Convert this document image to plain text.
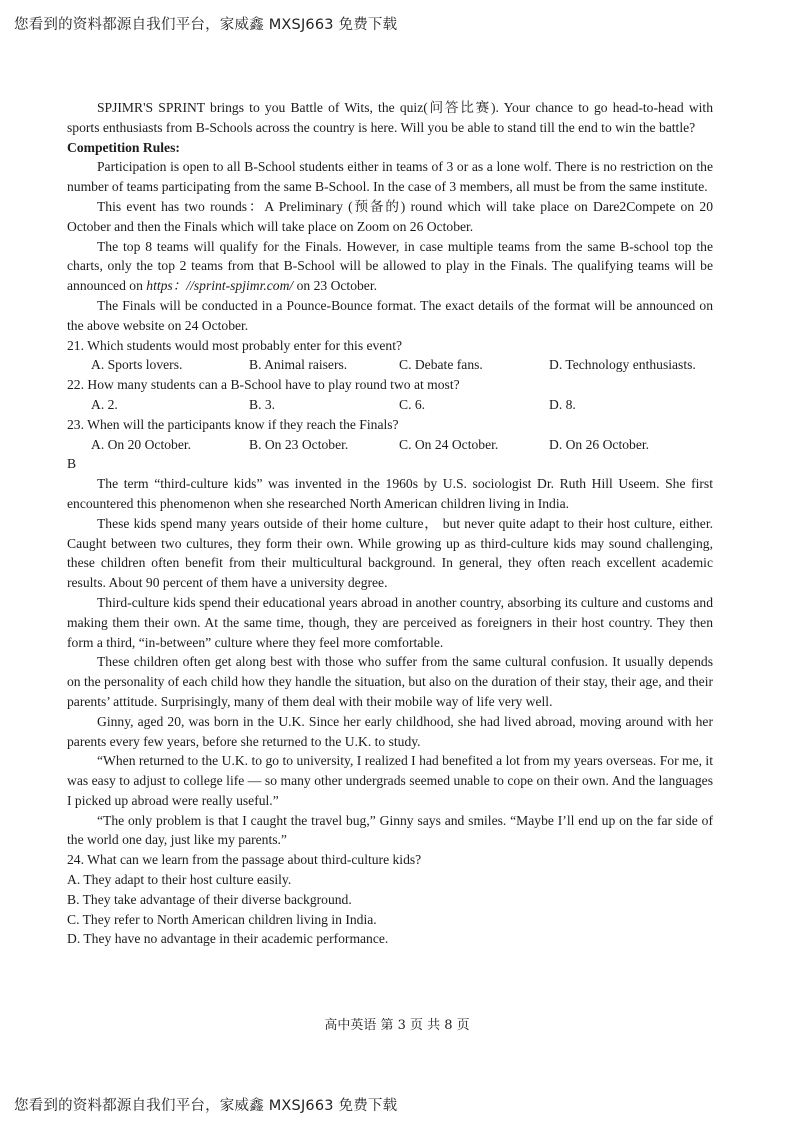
您看到的资料都源自我们平台，家威鑫 MXSJ663 免费下载

SPJIMR'S SPRINT brings to you Battle of Wits, the quiz(问答比赛). Your chance to go head-to-head with sports enthusiasts from B-Schools across the country is here. Will you be able to stand till the end to win the battle?

Competition Rules:

Participation is open to all B-School students either in teams of 3 or as a lone wolf. There is no restriction on the number of teams participating from the same B-School. In the case of 3 members, all must be from the same institute.

This event has two rounds：A Preliminary (预备的) round which will take place on Dare2Compete on 20 October and then the Finals which will take place on Zoom on 26 October.

The top 8 teams will qualify for the Finals. However, in case multiple teams from the same B-school top the charts, only the top 2 teams from that B-School will be allowed to play in the Finals. The qualifying teams will be announced on https：//sprint-spjimr.com/ on 23 October.

The Finals will be conducted in a Pounce-Bounce format. The exact details of the format will be announced on the above website on 24 October.

21. Which students would most probably enter for this event?

A. Sports lovers.	B. Animal raisers.	C. Debate fans.	D. Technology enthusiasts.

22. How many students can a B-School have to play round two at most?

A. 2.	B. 3.	C. 6.	D. 8.

23. When will the participants know if they reach the Finals?

A. On 20 October.	B. On 23 October.	C. On 24 October.	D. On 26 October.

B

The term “third-culture kids” was invented in the 1960s by U.S. sociologist Dr. Ruth Hill Useem. She first encountered this phenomenon when she researched North American children living in India.

These kids spend many years outside of their home culture， but never quite adapt to their host culture, either. Caught between two cultures, they form their own. While growing up as third-culture kids may sound challenging, these children often benefit from their multicultural background. In general, they often reach excellent academic results. About 90 percent of them have a university degree.

Third-culture kids spend their educational years abroad in another country, absorbing its culture and customs and making them their own. At the same time, though, they are perceived as foreigners in their host country. They then form a third, “in-between” culture where they feel more comfortable.

These children often get along best with those who suffer from the same cultural confusion. It usually depends on the personality of each child how they handle the situation, but also on the duration of their stay, their age, and their parents’ attitude. Surprisingly, many of them deal with their mobile way of life very well.

Ginny, aged 20, was born in the U.K. Since her early childhood, she had lived abroad, moving around with her parents every few years, before she returned to the U.K. to study.

“When returned to the U.K. to go to university, I realized I had benefited a lot from my years overseas. For me, it was easy to adjust to college life — so many other undergrads seemed unable to cope on their own. And the languages I picked up abroad were really useful.”

“The only problem is that I caught the travel bug,” Ginny says and smiles. “Maybe I’ll end up on the far side of the world one day, just like my parents.”

24. What can we learn from the passage about third-culture kids?

A. They adapt to their host culture easily.

B. They take advantage of their diverse background.

C. They refer to North American children living in India.

D. They have no advantage in their academic performance.

高中英语 第 3 页 共 8 页
您看到的资料都源自我们平台，家威鑫 MXSJ663 免费下载
